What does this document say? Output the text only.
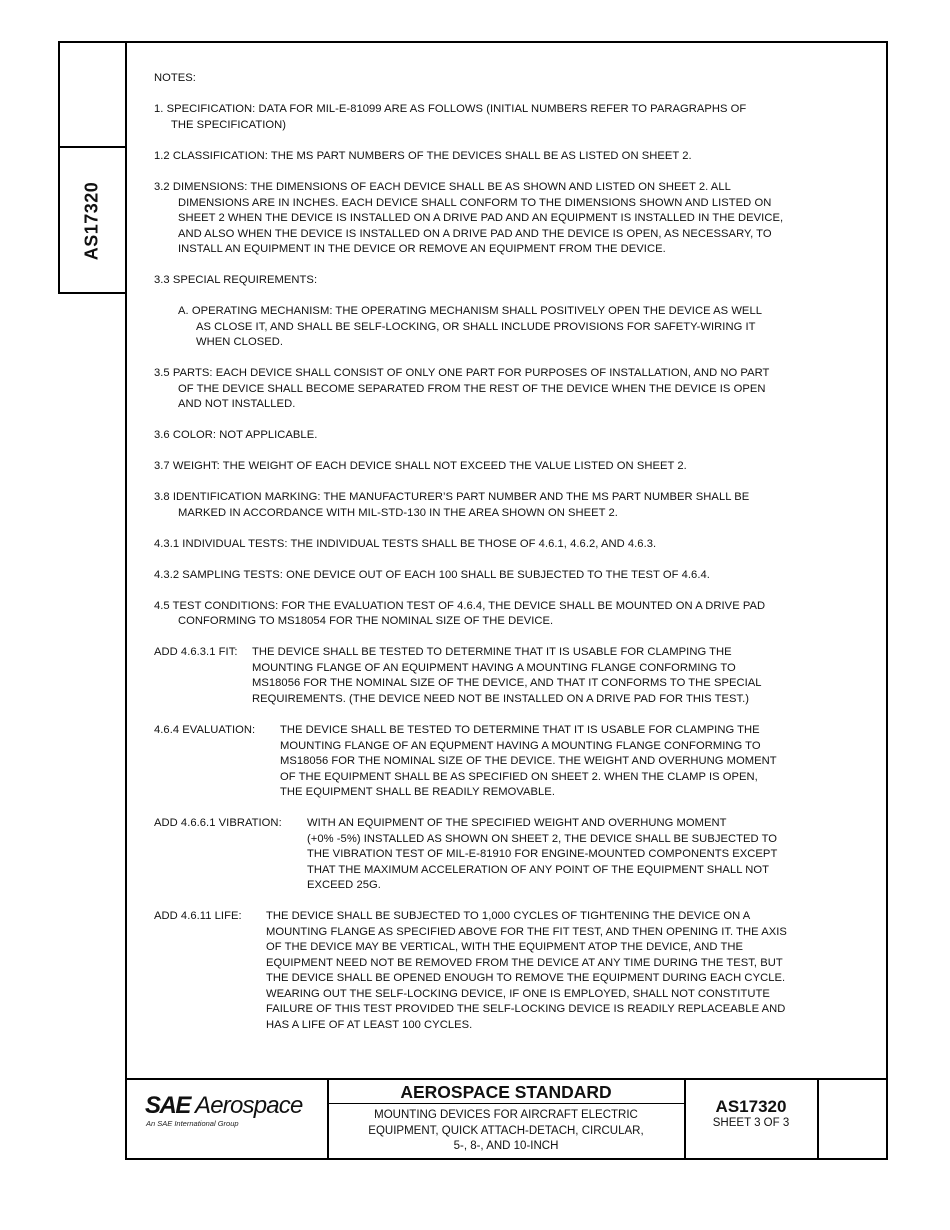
AS17320
NOTES:
1. SPECIFICATION: DATA FOR MIL-E-81099 ARE AS FOLLOWS (INITIAL NUMBERS REFER TO PARAGRAPHS OF
THE SPECIFICATION)
1.2 CLASSIFICATION: THE MS PART NUMBERS OF THE DEVICES SHALL BE AS LISTED ON SHEET 2.
3.2 DIMENSIONS: THE DIMENSIONS OF EACH DEVICE SHALL BE AS SHOWN AND LISTED ON SHEET 2. ALL
DIMENSIONS ARE IN INCHES. EACH DEVICE SHALL CONFORM TO THE DIMENSIONS SHOWN AND LISTED ON
SHEET 2 WHEN THE DEVICE IS INSTALLED ON A DRIVE PAD AND AN EQUIPMENT IS INSTALLED IN THE DEVICE,
AND ALSO WHEN THE DEVICE IS INSTALLED ON A DRIVE PAD AND THE DEVICE IS OPEN, AS NECESSARY, TO
INSTALL AN EQUIPMENT IN THE DEVICE OR REMOVE AN EQUIPMENT FROM THE DEVICE.
3.3 SPECIAL REQUIREMENTS:
A. OPERATING MECHANISM: THE OPERATING MECHANISM SHALL POSITIVELY OPEN THE DEVICE AS WELL
AS CLOSE IT, AND SHALL BE SELF-LOCKING, OR SHALL INCLUDE PROVISIONS FOR SAFETY-WIRING IT
WHEN CLOSED.
3.5 PARTS: EACH DEVICE SHALL CONSIST OF ONLY ONE PART FOR PURPOSES OF INSTALLATION, AND NO PART
OF THE DEVICE SHALL BECOME SEPARATED FROM THE REST OF THE DEVICE WHEN THE DEVICE IS OPEN
AND NOT INSTALLED.
3.6 COLOR: NOT APPLICABLE.
3.7 WEIGHT: THE WEIGHT OF EACH DEVICE SHALL NOT EXCEED THE VALUE LISTED ON SHEET 2.
3.8 IDENTIFICATION MARKING: THE MANUFACTURER’S PART NUMBER AND THE MS PART NUMBER SHALL BE
MARKED IN ACCORDANCE WITH MIL-STD-130 IN THE AREA SHOWN ON SHEET 2.
4.3.1 INDIVIDUAL TESTS: THE INDIVIDUAL TESTS SHALL BE THOSE OF 4.6.1, 4.6.2, AND 4.6.3.
4.3.2 SAMPLING TESTS: ONE DEVICE OUT OF EACH 100 SHALL BE SUBJECTED TO THE TEST OF 4.6.4.
4.5 TEST CONDITIONS: FOR THE EVALUATION TEST OF 4.6.4, THE DEVICE SHALL BE MOUNTED ON A DRIVE PAD
CONFORMING TO MS18054 FOR THE NOMINAL SIZE OF THE DEVICE.
ADD 4.6.3.1 FIT: THE DEVICE SHALL BE TESTED TO DETERMINE THAT IT IS USABLE FOR CLAMPING THE
MOUNTING FLANGE OF AN EQUIPMENT HAVING A MOUNTING FLANGE CONFORMING TO
MS18056 FOR THE NOMINAL SIZE OF THE DEVICE, AND THAT IT CONFORMS TO THE SPECIAL
REQUIREMENTS. (THE DEVICE NEED NOT BE INSTALLED ON A DRIVE PAD FOR THIS TEST.)
4.6.4 EVALUATION: THE DEVICE SHALL BE TESTED TO DETERMINE THAT IT IS USABLE FOR CLAMPING THE
MOUNTING FLANGE OF AN EQUPMENT HAVING A MOUNTING FLANGE CONFORMING TO
MS18056 FOR THE NOMINAL SIZE OF THE DEVICE. THE WEIGHT AND OVERHUNG MOMENT
OF THE EQUIPMENT SHALL BE AS SPECIFIED ON SHEET 2. WHEN THE CLAMP IS OPEN,
THE EQUIPMENT SHALL BE READILY REMOVABLE.
ADD 4.6.6.1 VIBRATION: WITH AN EQUIPMENT OF THE SPECIFIED WEIGHT AND OVERHUNG MOMENT
(+0% -5%) INSTALLED AS SHOWN ON SHEET 2, THE DEVICE SHALL BE SUBJECTED TO
THE VIBRATION TEST OF MIL-E-81910 FOR ENGINE-MOUNTED COMPONENTS EXCEPT
THAT THE MAXIMUM ACCELERATION OF ANY POINT OF THE EQUIPMENT SHALL NOT
EXCEED 25G.
ADD 4.6.11 LIFE: THE DEVICE SHALL BE SUBJECTED TO 1,000 CYCLES OF TIGHTENING THE DEVICE ON A
MOUNTING FLANGE AS SPECIFIED ABOVE FOR THE FIT TEST, AND THEN OPENING IT. THE AXIS
OF THE DEVICE MAY BE VERTICAL, WITH THE EQUIPMENT ATOP THE DEVICE, AND THE
EQUIPMENT NEED NOT BE REMOVED FROM THE DEVICE AT ANY TIME DURING THE TEST, BUT
THE DEVICE SHALL BE OPENED ENOUGH TO REMOVE THE EQUIPMENT DURING EACH CYCLE.
WEARING OUT THE SELF-LOCKING DEVICE, IF ONE IS EMPLOYED, SHALL NOT CONSTITUTE
FAILURE OF THIS TEST PROVIDED THE SELF-LOCKING DEVICE IS READILY REPLACEABLE AND
HAS A LIFE OF AT LEAST 100 CYCLES.
SAE Aerospace
An SAE International Group
AEROSPACE STANDARD
MOUNTING DEVICES FOR AIRCRAFT ELECTRIC
EQUIPMENT, QUICK ATTACH-DETACH, CIRCULAR,
5-, 8-, AND 10-INCH
AS17320
SHEET 3 OF 3
